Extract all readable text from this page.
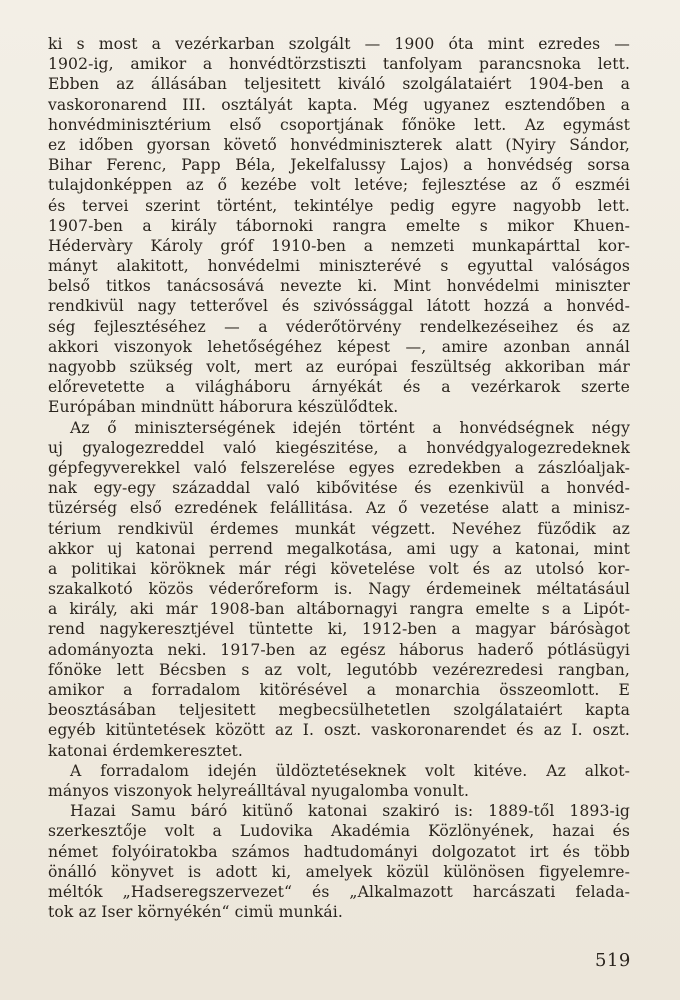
ki s most a vezérkarban szolgált — 1900 óta mint ezredes —
1902-ig, amikor a honvédtörzstiszti tanfolyam parancsnoka lett.
Ebben az állásában teljesitett kiváló szolgálataiért 1904-ben a
vaskoronarend III. osztályát kapta. Még ugyanez esztendőben a
honvédminisztérium első csoportjának főnöke lett. Az egymást
ez időben gyorsan követő honvédminiszterek alatt (Nyiry Sándor,
Bihar Ferenc, Papp Béla, Jekelfalussy Lajos) a honvédség sorsa
tulajdonképpen az ő kezébe volt letéve; fejlesztése az ő eszméi
és tervei szerint történt, tekintélye pedig egyre nagyobb lett.
1907-ben a király tábornoki rangra emelte s mikor Khuen-
Hédervàry Károly gróf 1910-ben a nemzeti munkapárttal kor-
mányt alakitott, honvédelmi miniszterévé s egyuttal valóságos
belső titkos tanácsosává nevezte ki. Mint honvédelmi miniszter
rendkivül nagy tetterővel és szivóssággal látott hozzá a honvéd-
ség fejlesztéséhez — a véderőtörvény rendelkezéseihez és az
akkori viszonyok lehetőségéhez képest —, amire azonban annál
nagyobb szükség volt, mert az európai feszültség akkoriban már
előrevetette a világháboru árnyékát és a vezérkarok szerte
Európában mindnütt háborura készülődtek.
Az ő miniszterségének idején történt a honvédségnek négy
uj gyalogezreddel való kiegészitése, a honvédgyalogezredeknek
gépfegyverekkel való felszerelése egyes ezredekben a zászlóaljak-
nak egy-egy századdal való kibővitése és ezenkivül a honvéd-
tüzérség első ezredének felállitása. Az ő vezetése alatt a minisz-
térium rendkivül érdemes munkát végzett. Nevéhez füződik az
akkor uj katonai perrend megalkotása, ami ugy a katonai, mint
a politikai köröknek már régi követelése volt és az utolsó kor-
szakalkotó közös véderőreform is. Nagy érdemeinek méltatásául
a király, aki már 1908-ban altábornagyi rangra emelte s a Lipót-
rend nagykeresztjével tüntette ki, 1912-ben a magyar bárósàgot
adományozta neki. 1917-ben az egész háborus haderő pótlásügyi
főnöke lett Bécsben s az volt, legutóbb vezérezredesi rangban,
amikor a forradalom kitörésével a monarchia összeomlott. E
beosztásában teljesitett megbecsülhetetlen szolgálataiért kapta
egyéb kitüntetések között az I. oszt. vaskoronarendet és az I. oszt.
katonai érdemkeresztet.
A forradalom idején üldöztetéseknek volt kitéve. Az alkot-
mányos viszonyok helyreálltával nyugalomba vonult.
Hazai Samu báró kitünő katonai szakiró is: 1889-től 1893-ig
szerkesztője volt a Ludovika Akadémia Közlönyének, hazai és
német folyóiratokba számos hadtudományi dolgozatot irt és több
önálló könyvet is adott ki, amelyek közül különösen figyelemre-
méltók „Hadseregszervezet“ és „Alkalmazott harcászati felada-
tok az Iser környékén“ cimü munkái.
519
